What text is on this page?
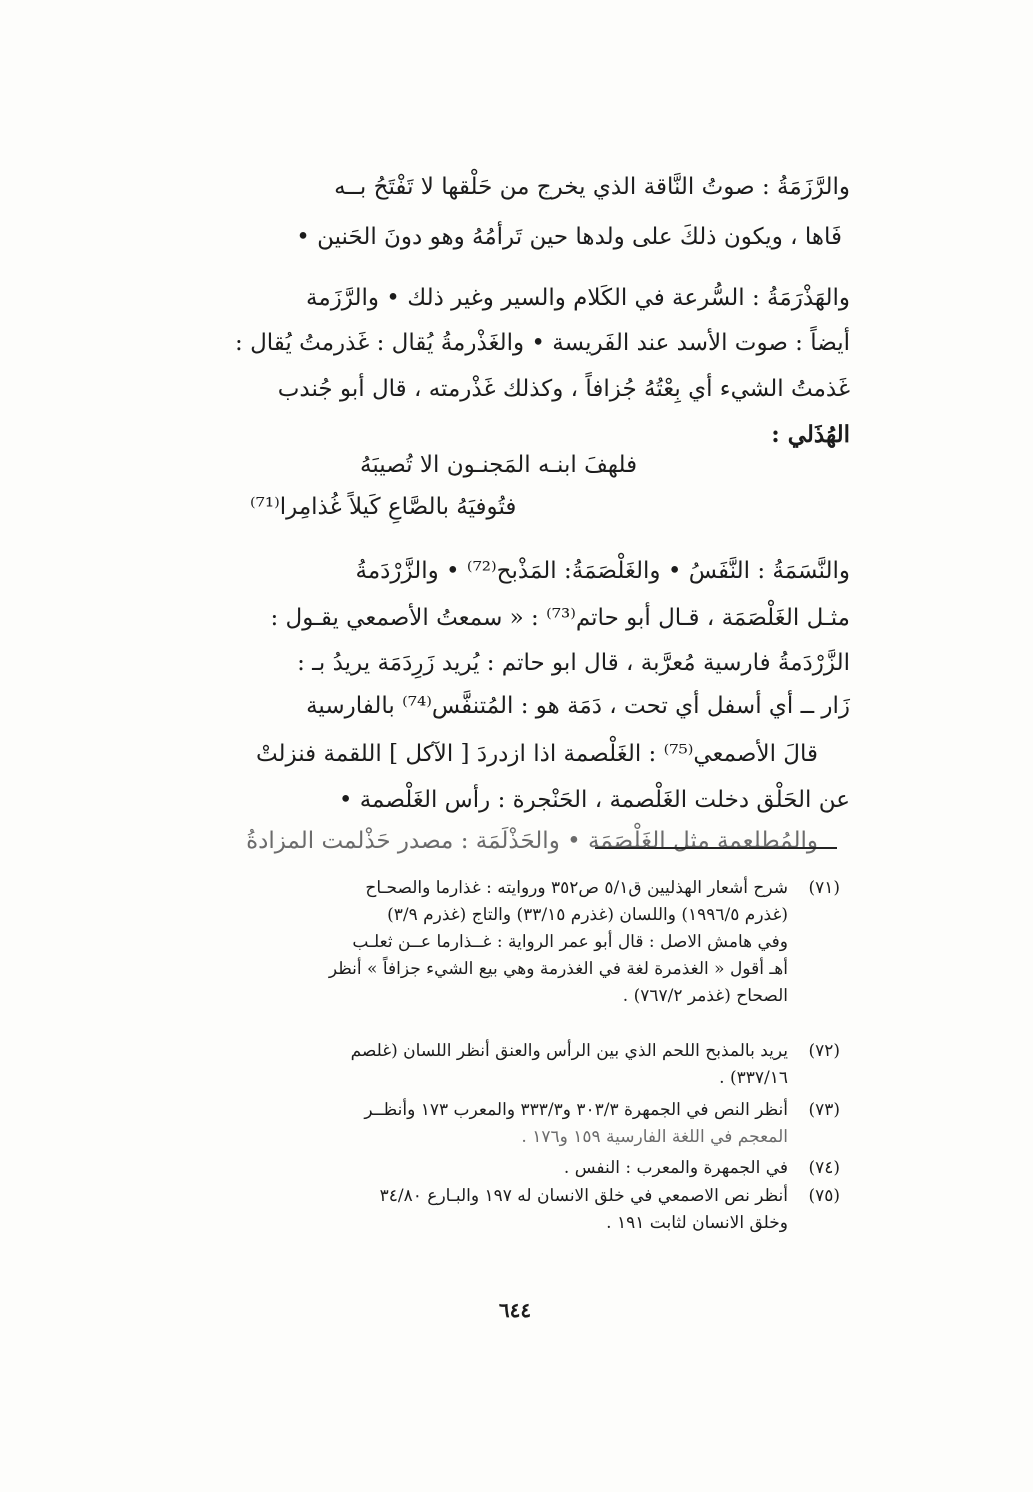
والرَّزَمَةُ : صوتُ النَّاقة الذي يخرج من حَلْقها لا تَفْتَحُ بــه
فَاها ، ويكون ذلكَ على ولدها حين تَرأمُهُ وهو دونَ الحَنين •
والهَذْرَمَةُ : السُّرعة في الكَلام والسير وغير ذلك • والرَّزَمة
أيضاً : صوت الأسد عند الفَريسة • والغَذْرمةُ يُقال : غَذرمتُ يُقال :
غَذمتُ الشيء أي بِعْتُهُ جُزافاً ، وكذلك غَذْرمته ، قال أبو جُندب
الهُذَلي :
فلهفَ ابنـه المَجنـون الا تُصيبَهُ
فتُوفيَهُ بالصَّاعِ كَيلاً غُذامِرا⁽⁷¹⁾
والنَّسَمَةُ : النَّفَسُ • والغَلْصَمَةُ: المَذْبح⁽⁷²⁾ • والزَّرْدَمةُ
مثـل الغَلْصَمَة ، قـال أبو حاتم⁽⁷³⁾ : « سمعتُ الأصمعي يقـول :
الزَّرْدَمةُ فارسية مُعرَّبة ، قال ابو حاتم : يُريد زَرِدَمَة يريدُ بـ :
زَار ــ أي أسفل أي تحت ، دَمَة هو : المُتنفَّس⁽⁷⁴⁾ بالفارسية
قالَ الأصمعي⁽⁷⁵⁾ : الغَلْصمة اذا ازدردَ [ الآكل ] اللقمة فنزلتْ
عن الحَلْق دخلت الغَلْصمة ، الحَنْجرة : رأس الغَلْصمة •
والمُطلعمة مثل الغَلْصَمَة • والحَذْلَمَة : مصدر حَذْلمت المزادةُ
(٧١)
شرح أشعار الهذليين ق٥/١ ص٣٥٢ وروايته : غذارما والصحـاح
(غذرم ١٩٩٦/٥) واللسان (غذرم ٣٣/١٥) والتاج (غذرم ٣/٩)
وفي هامش الاصل : قال أبو عمر الرواية : غــذارما عــن ثعلـب
أهـ أقول « الغذمرة لغة في الغذرمة وهي بيع الشيء جزافاً » أنظر
الصحاح (غذمر ٧٦٧/٢) .
(٧٢)
يريد بالمذبح اللحم الذي بين الرأس والعنق أنظر اللسان (غلصم
٣٣٧/١٦) .
(٧٣)
أنظر النص في الجمهرة ٣٠٣/٣ و٣٣٣/٣ والمعرب ١٧٣ وأنظــر
المعجم في اللغة الفارسية ١٥٩ و١٧٦ .
(٧٤)
في الجمهرة والمعرب : النفس .
(٧٥)
أنظر نص الاصمعي في خلق الانسان له ١٩٧ والبـارع ٣٤/٨٠
وخلق الانسان لثابت ١٩١ .
٦٤٤
